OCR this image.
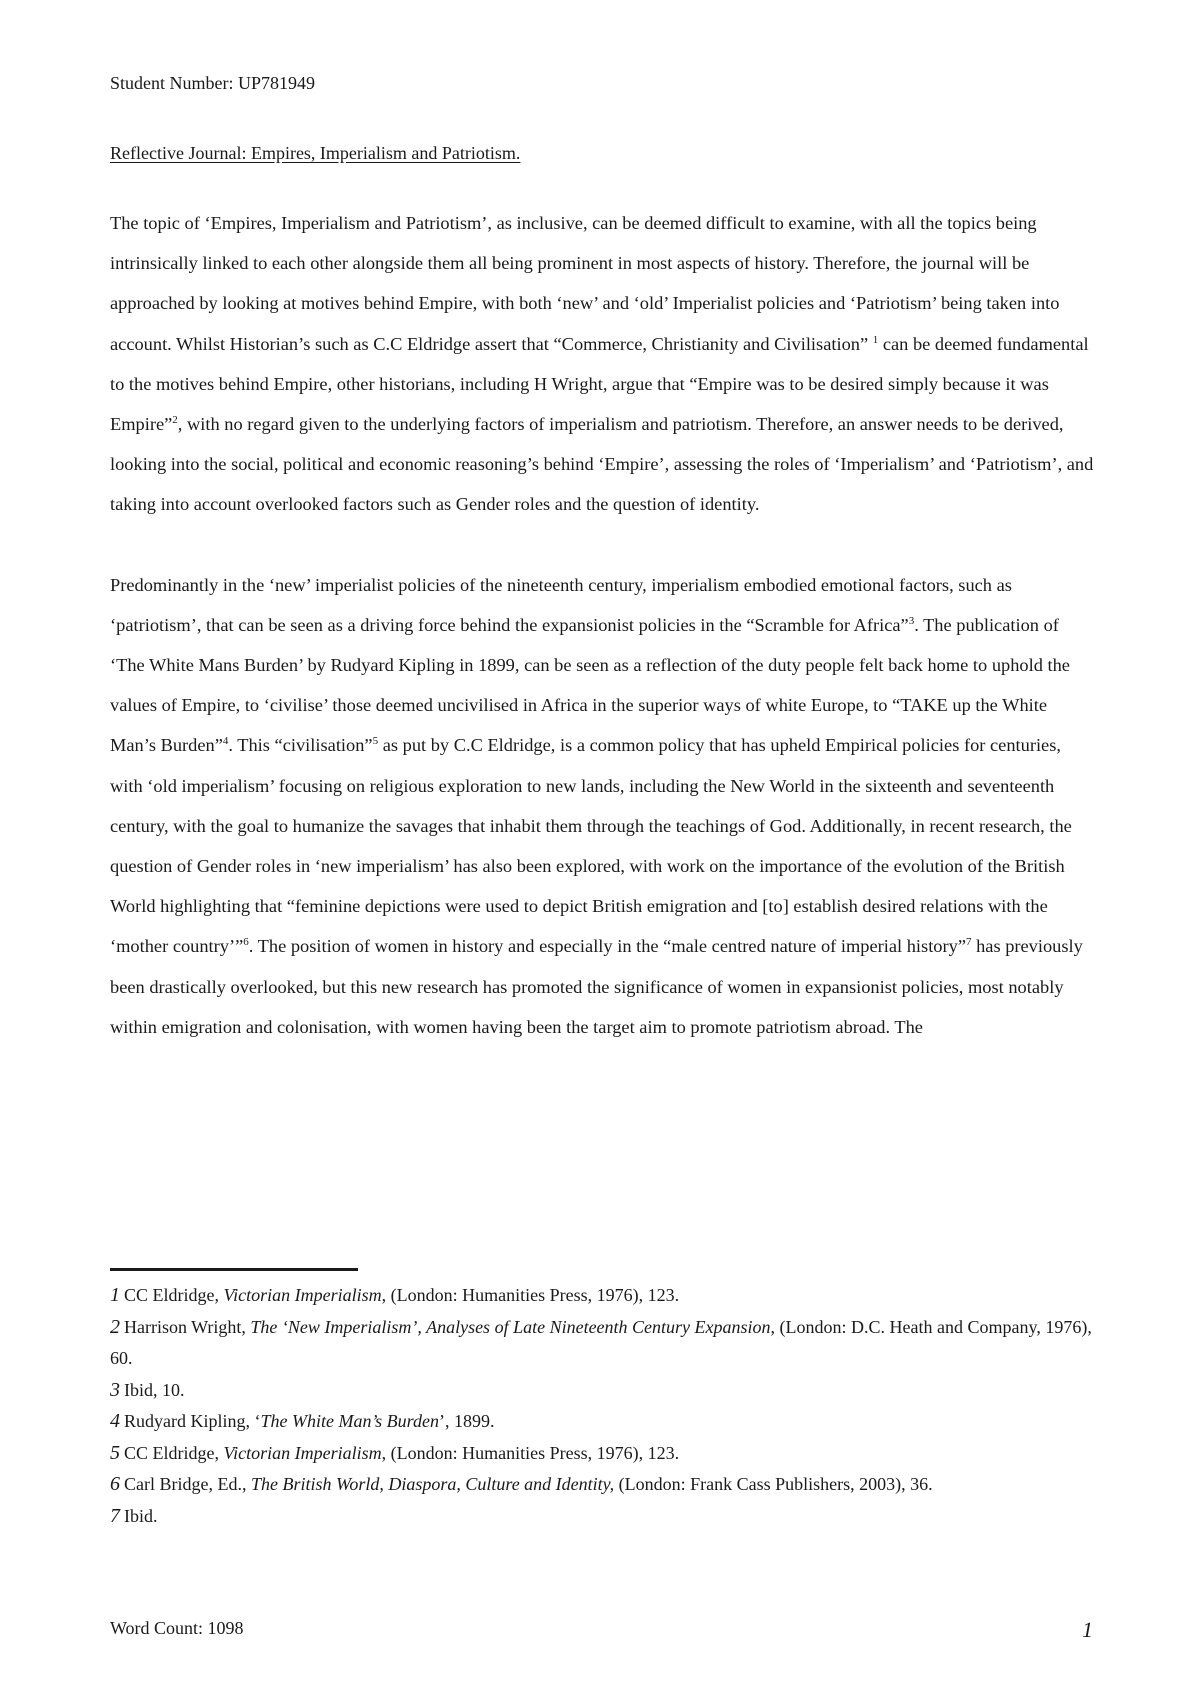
Student Number: UP781949

Reflective Journal: Empires, Imperialism and Patriotism.

The topic of ‘Empires, Imperialism and Patriotism’, as inclusive, can be deemed difficult to examine, with all the topics being intrinsically linked to each other alongside them all being prominent in most aspects of history. Therefore, the journal will be approached by looking at motives behind Empire, with both ‘new’ and ‘old’ Imperialist policies and ‘Patriotism’ being taken into account. Whilst Historian’s such as C.C Eldridge assert that “Commerce, Christianity and Civilisation” $^1$ can be deemed fundamental to the motives behind Empire, other historians, including H Wright, argue that “Empire was to be desired simply because it was Empire”$^2$, with no regard given to the underlying factors of imperialism and patriotism. Therefore, an answer needs to be derived, looking into the social, political and economic reasoning’s behind ‘Empire’, assessing the roles of ‘Imperialism’ and ‘Patriotism’, and taking into account overlooked factors such as Gender roles and the question of identity.

Predominantly in the ‘new’ imperialist policies of the nineteenth century, imperialism embodied emotional factors, such as ‘patriotism’, that can be seen as a driving force behind the expansionist policies in the “Scramble for Africa”$^3$. The publication of ‘The White Mans Burden’ by Rudyard Kipling in 1899, can be seen as a reflection of the duty people felt back home to uphold the values of Empire, to ‘civilise’ those deemed uncivilised in Africa in the superior ways of white Europe, to “TAKE up the White Man’s Burden”$^4$. This “civilisation”$^5$ as put by C.C Eldridge, is a common policy that has upheld Empirical policies for centuries, with ‘old imperialism’ focusing on religious exploration to new lands, including the New World in the sixteenth and seventeenth century, with the goal to humanize the savages that inhabit them through the teachings of God. Additionally, in recent research, the question of Gender roles in ‘new imperialism’ has also been explored, with work on the importance of the evolution of the British World highlighting that “feminine depictions were used to depict British emigration and [to] establish desired relations with the ‘mother country’”$^6$. The position of women in history and especially in the “male centred nature of imperial history”$^7$ has previously been drastically overlooked, but this new research has promoted the significance of women in expansionist policies, most notably within emigration and colonisation, with women having been the target aim to promote patriotism abroad. The

1 CC Eldridge, Victorian Imperialism, (London: Humanities Press, 1976), 123.

2 Harrison Wright, The ‘New Imperialism’, Analyses of Late Nineteenth Century Expansion, (London: D.C. Heath and Company, 1976), 60.

3 Ibid, 10.

4 Rudyard Kipling, ‘The White Man’s Burden’, 1899.

5 CC Eldridge, Victorian Imperialism, (London: Humanities Press, 1976), 123.

6 Carl Bridge, Ed., The British World, Diaspora, Culture and Identity, (London: Frank Cass Publishers, 2003), 36.

7 Ibid.

Word Count: 1098	1
